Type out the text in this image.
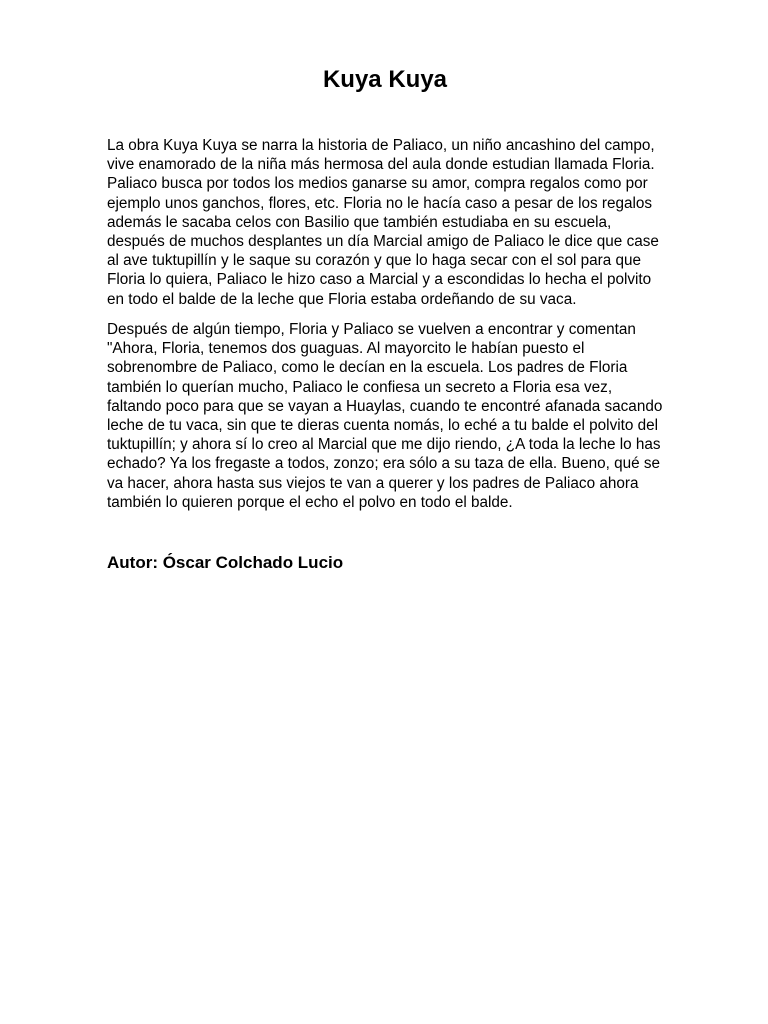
Kuya Kuya

La obra Kuya Kuya se narra la historia de Paliaco, un niño ancashino del campo, vive enamorado de la niña más hermosa del aula donde estudian llamada Floria. Paliaco busca por todos los medios ganarse su amor, compra regalos como por ejemplo unos ganchos, flores, etc. Floria no le hacía caso a pesar de los regalos además le sacaba celos con Basilio que también estudiaba en su escuela, después de muchos desplantes un día Marcial amigo de Paliaco le dice que case al ave tuktupillín y le saque su corazón y que lo haga secar con el sol para que Floria lo quiera, Paliaco le hizo caso a Marcial y a escondidas lo hecha el polvito en todo el balde de la leche que Floria estaba ordeñando de su vaca.

Después de algún tiempo, Floria y Paliaco se vuelven a encontrar y comentan "Ahora, Floria, tenemos dos guaguas. Al mayorcito le habían puesto el sobrenombre de Paliaco, como le decían en la escuela. Los padres de Floria también lo querían mucho, Paliaco le confiesa un secreto a Floria esa vez, faltando poco para que se vayan a Huaylas, cuando te encontré afanada sacando leche de tu vaca, sin que te dieras cuenta nomás, lo eché a tu balde el polvito del tuktupillín; y ahora sí lo creo al Marcial que me dijo riendo, ¿A toda la leche lo has echado? Ya los fregaste a todos, zonzo; era sólo a su taza de ella. Bueno, qué se va hacer, ahora hasta sus viejos te van a querer y los padres de Paliaco ahora también lo quieren porque el echo el polvo en todo el balde.

Autor: Óscar Colchado Lucio
